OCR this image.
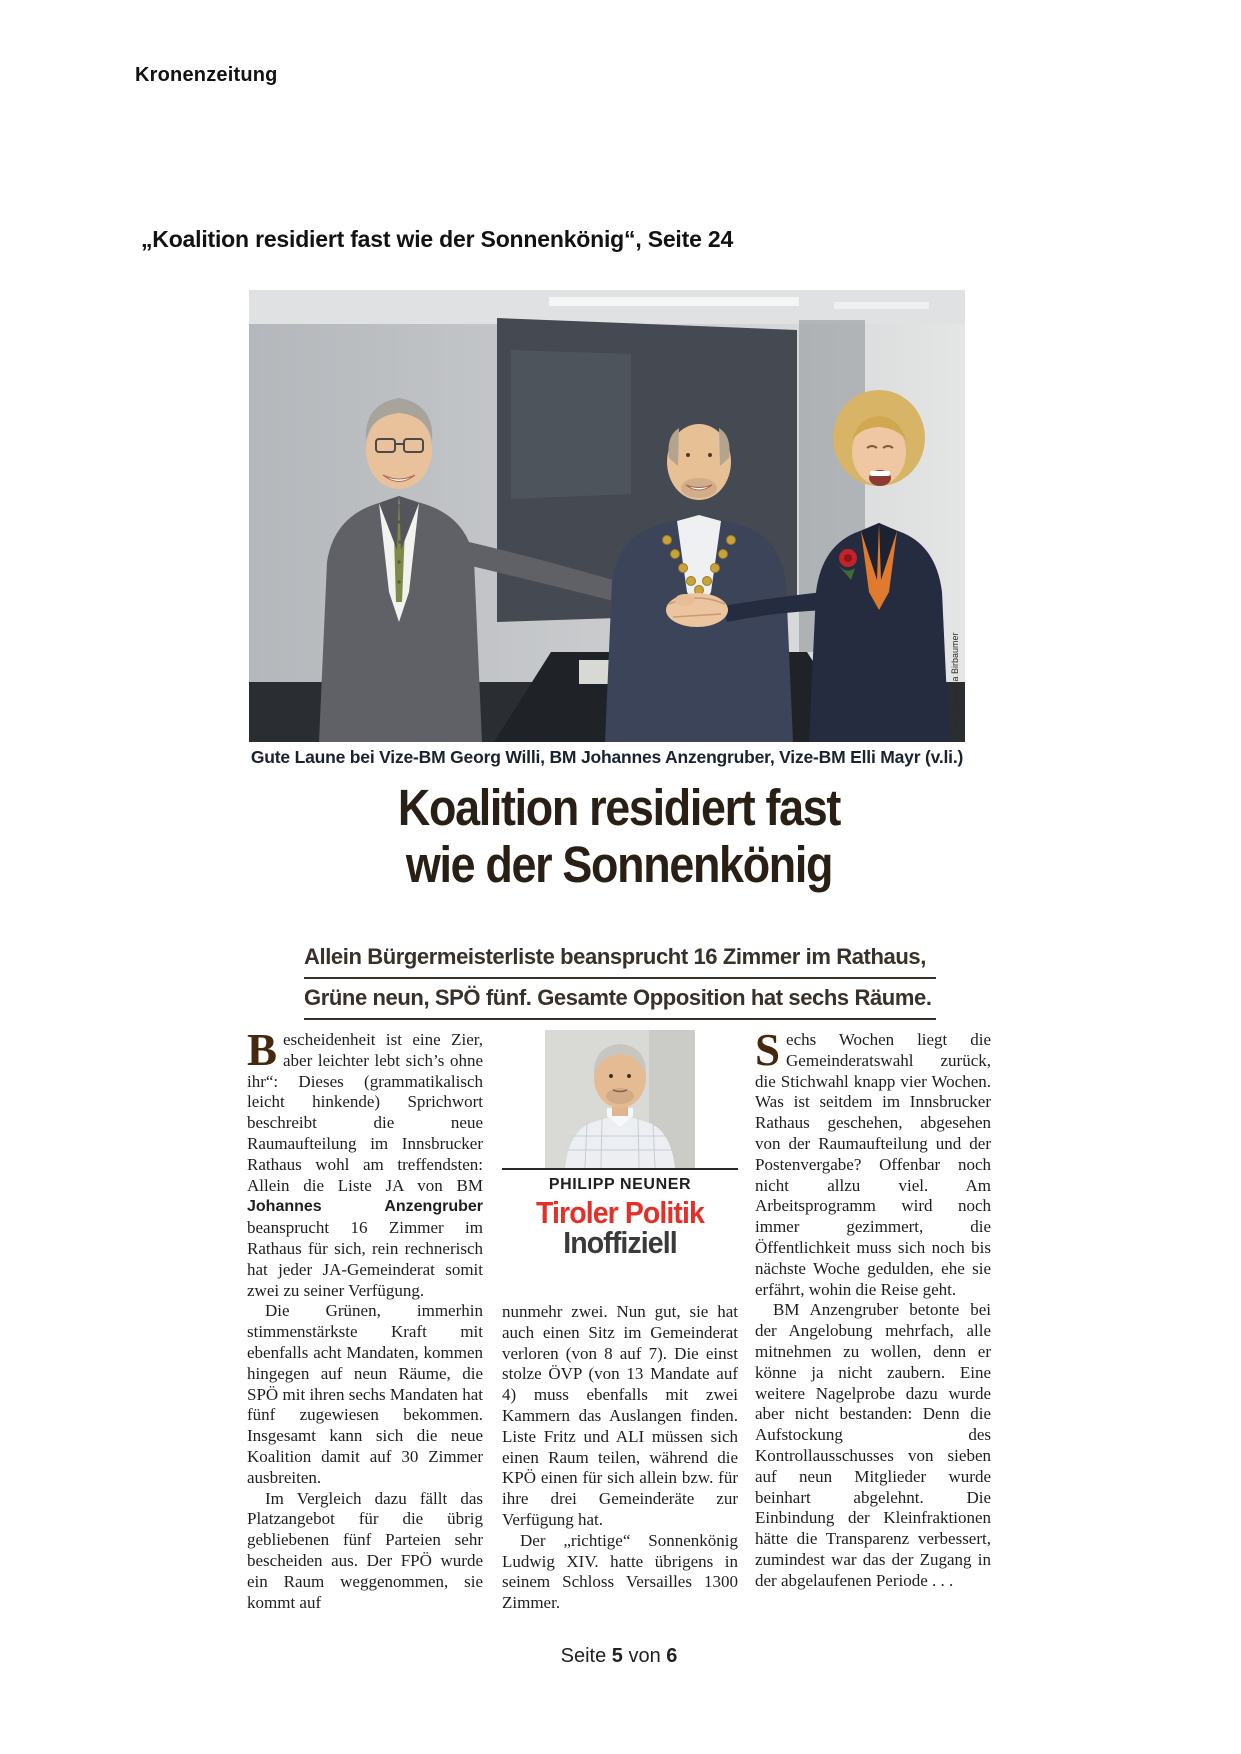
Kronenzeitung
„Koalition residiert fast wie der Sonnenkönig“, Seite 24
Foto: Johanna Birbaumer
Gute Laune bei Vize-BM Georg Willi, BM Johannes Anzengruber, Vize-BM Elli Mayr (v.li.)
Koalition residiert fast
wie der Sonnenkönig
Allein Bürgermeisterliste beansprucht 16 Zimmer im Rathaus,
Grüne neun, SPÖ fünf. Gesamte Opposition hat sechs Räume.

Bescheidenheit ist eine Zier, aber leichter lebt sich’s ohne ihr“: Dieses (grammatikalisch leicht hinkende) Sprichwort beschreibt die neue Raumaufteilung im Innsbrucker Rathaus wohl am treffendsten: Allein die Liste JA von BM Johannes Anzengruber beansprucht 16 Zimmer im Rathaus für sich, rein rechnerisch hat jeder JA-Gemeinderat somit zwei zu seiner Verfügung.

Die Grünen, immerhin stimmenstärkste Kraft mit ebenfalls acht Mandaten, kommen hingegen auf neun Räume, die SPÖ mit ihren sechs Mandaten hat fünf zugewiesen bekommen. Insgesamt kann sich die neue Koalition damit auf 30 Zimmer ausbreiten.

Im Vergleich dazu fällt das Platzangebot für die übrig gebliebenen fünf Parteien sehr bescheiden aus. Der FPÖ wurde ein Raum weggenommen, sie kommt auf

PHILIPP NEUNER
Tiroler Politik
Inoffiziell

nunmehr zwei. Nun gut, sie hat auch einen Sitz im Gemeinderat verloren (von 8 auf 7). Die einst stolze ÖVP (von 13 Mandate auf 4) muss ebenfalls mit zwei Kammern das Auslangen finden. Liste Fritz und ALI müssen sich einen Raum teilen, während die KPÖ einen für sich allein bzw. für ihre drei Gemeinderäte zur Verfügung hat.

Der „richtige“ Sonnenkönig Ludwig XIV. hatte übrigens in seinem Schloss Versailles 1300 Zimmer.

Sechs Wochen liegt die Gemeinderatswahl zurück, die Stichwahl knapp vier Wochen. Was ist seitdem im Innsbrucker Rathaus geschehen, abgesehen von der Raumaufteilung und der Postenvergabe? Offenbar noch nicht allzu viel. Am Arbeitsprogramm wird noch immer gezimmert, die Öffentlichkeit muss sich noch bis nächste Woche gedulden, ehe sie erfährt, wohin die Reise geht.

BM Anzengruber betonte bei der Angelobung mehrfach, alle mitnehmen zu wollen, denn er könne ja nicht zaubern. Eine weitere Nagelprobe dazu wurde aber nicht bestanden: Denn die Aufstockung des Kontrollausschusses von sieben auf neun Mitglieder wurde beinhart abgelehnt. Die Einbindung der Kleinfraktionen hätte die Transparenz verbessert, zumindest war das der Zugang in der abgelaufenen Periode . . .

Seite 5 von 6
